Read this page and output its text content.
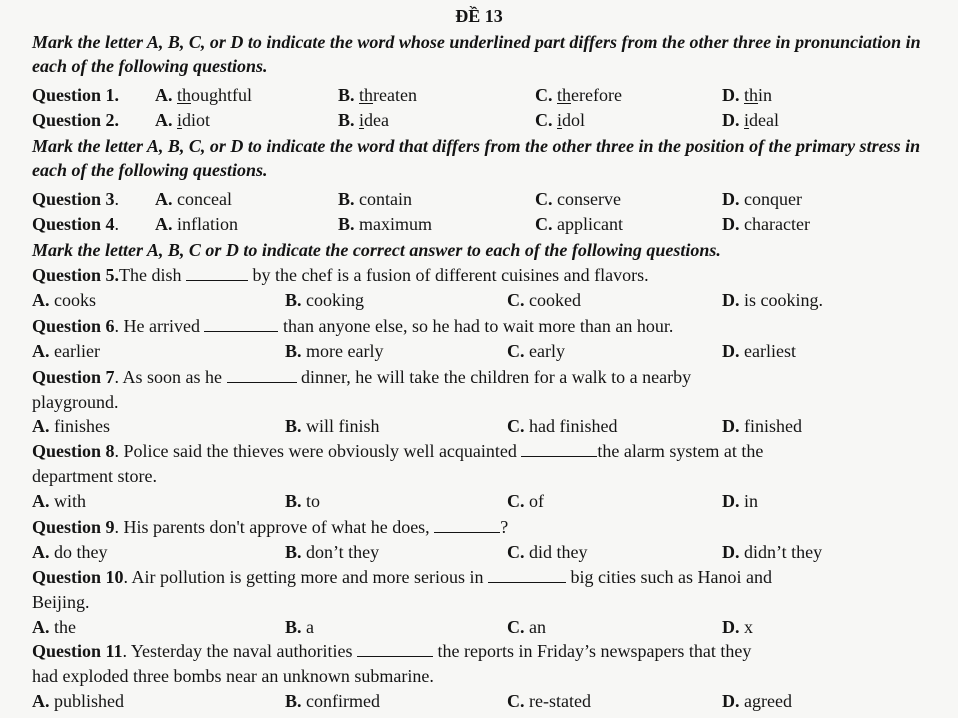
ĐỀ 13
Mark the letter A, B, C, or D to indicate the word whose underlined part differs from the other three in pronunciation in each of the following questions.
Question 1. A. thoughtful	B. threaten	C. therefore	D. thin
Question 2. A. idiot	B. idea	C. idol	D. ideal
Mark the letter A, B, C, or D to indicate the word that differs from the other three in the position of the primary stress in each of the following questions.
Question 3. A. conceal	B. contain	C. conserve	D. conquer
Question 4. A. inflation	B. maximum	C. applicant	D. character
Mark the letter A, B, C or D to indicate the correct answer to each of the following questions.
Question 5.The dish	by the chef is a fusion of different cuisines and flavors.
A. cooks	B. cooking	C. cooked	D. is cooking.
Question 6. He arrived	than anyone else, so he had to wait more than an hour.
A. earlier	B. more early	C. early	D. earliest
Question 7. As soon as he	dinner, he will take the children for a walk to a nearby
playground.
A. finishes	B. will finish	C. had finished	D. finished
Question 8. Police said the thieves were obviously well acquainted	the alarm system at the
department store.
A. with	B. to	C. of	D. in
Question 9. His parents don't approve of what he does,	?
A. do they	B. don’t they	C. did they	D. didn’t they
Question 10. Air pollution is getting more and more serious in	big cities such as Hanoi and
Beijing.
A. the	B. a	C. an	D. x
Question 11. Yesterday the naval authorities	the reports in Friday’s newspapers that they
had exploded three bombs near an unknown submarine.
A. published	B. confirmed	C. re-stated	D. agreed
